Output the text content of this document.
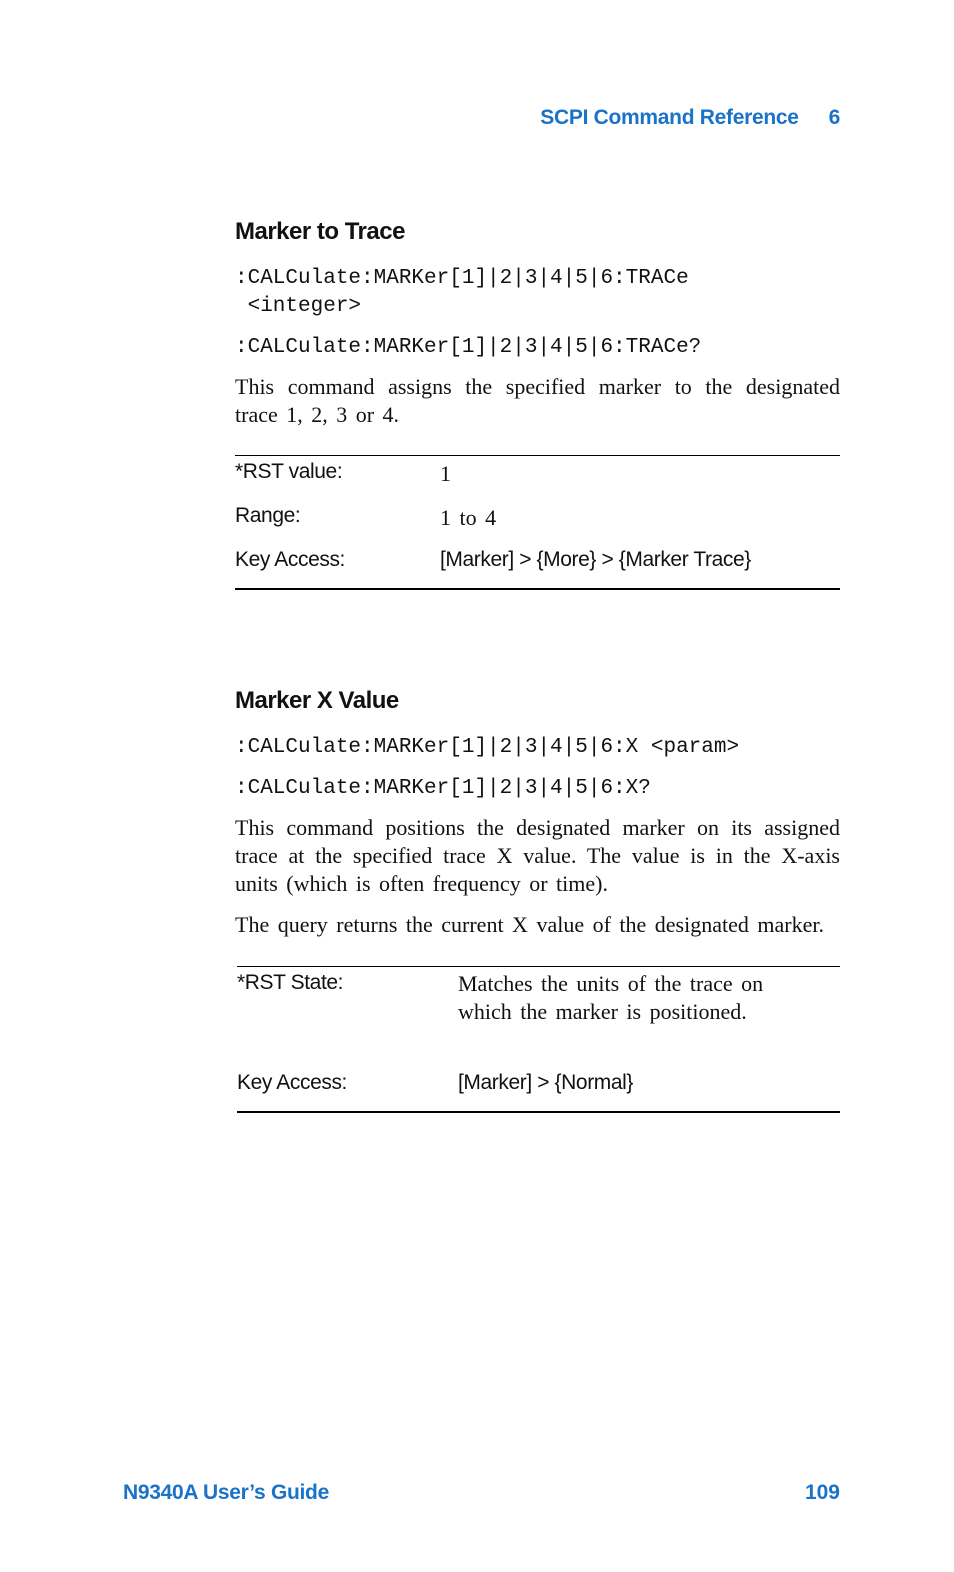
SCPI Command Reference 6
Marker to Trace

:CALCulate:MARKer[1]|2|3|4|5|6:TRACe
<integer>

:CALCulate:MARKer[1]|2|3|4|5|6:TRACe?

This command assigns the specified marker to the designated trace 1, 2, 3 or 4.

*RST value:	1
Range:	1 to 4
Key Access:	[Marker] > {More} > {Marker Trace}
Marker X Value

:CALCulate:MARKer[1]|2|3|4|5|6:X <param>

:CALCulate:MARKer[1]|2|3|4|5|6:X?

This command positions the designated marker on its assigned trace at the specified trace X value. The value is in the X-axis units (which is often frequency or time).

The query returns the current X value of the designated marker.

*RST State:	Matches the units of the trace on which the marker is positioned.
Key Access:	[Marker] > {Normal}
N9340A User’s Guide	109
